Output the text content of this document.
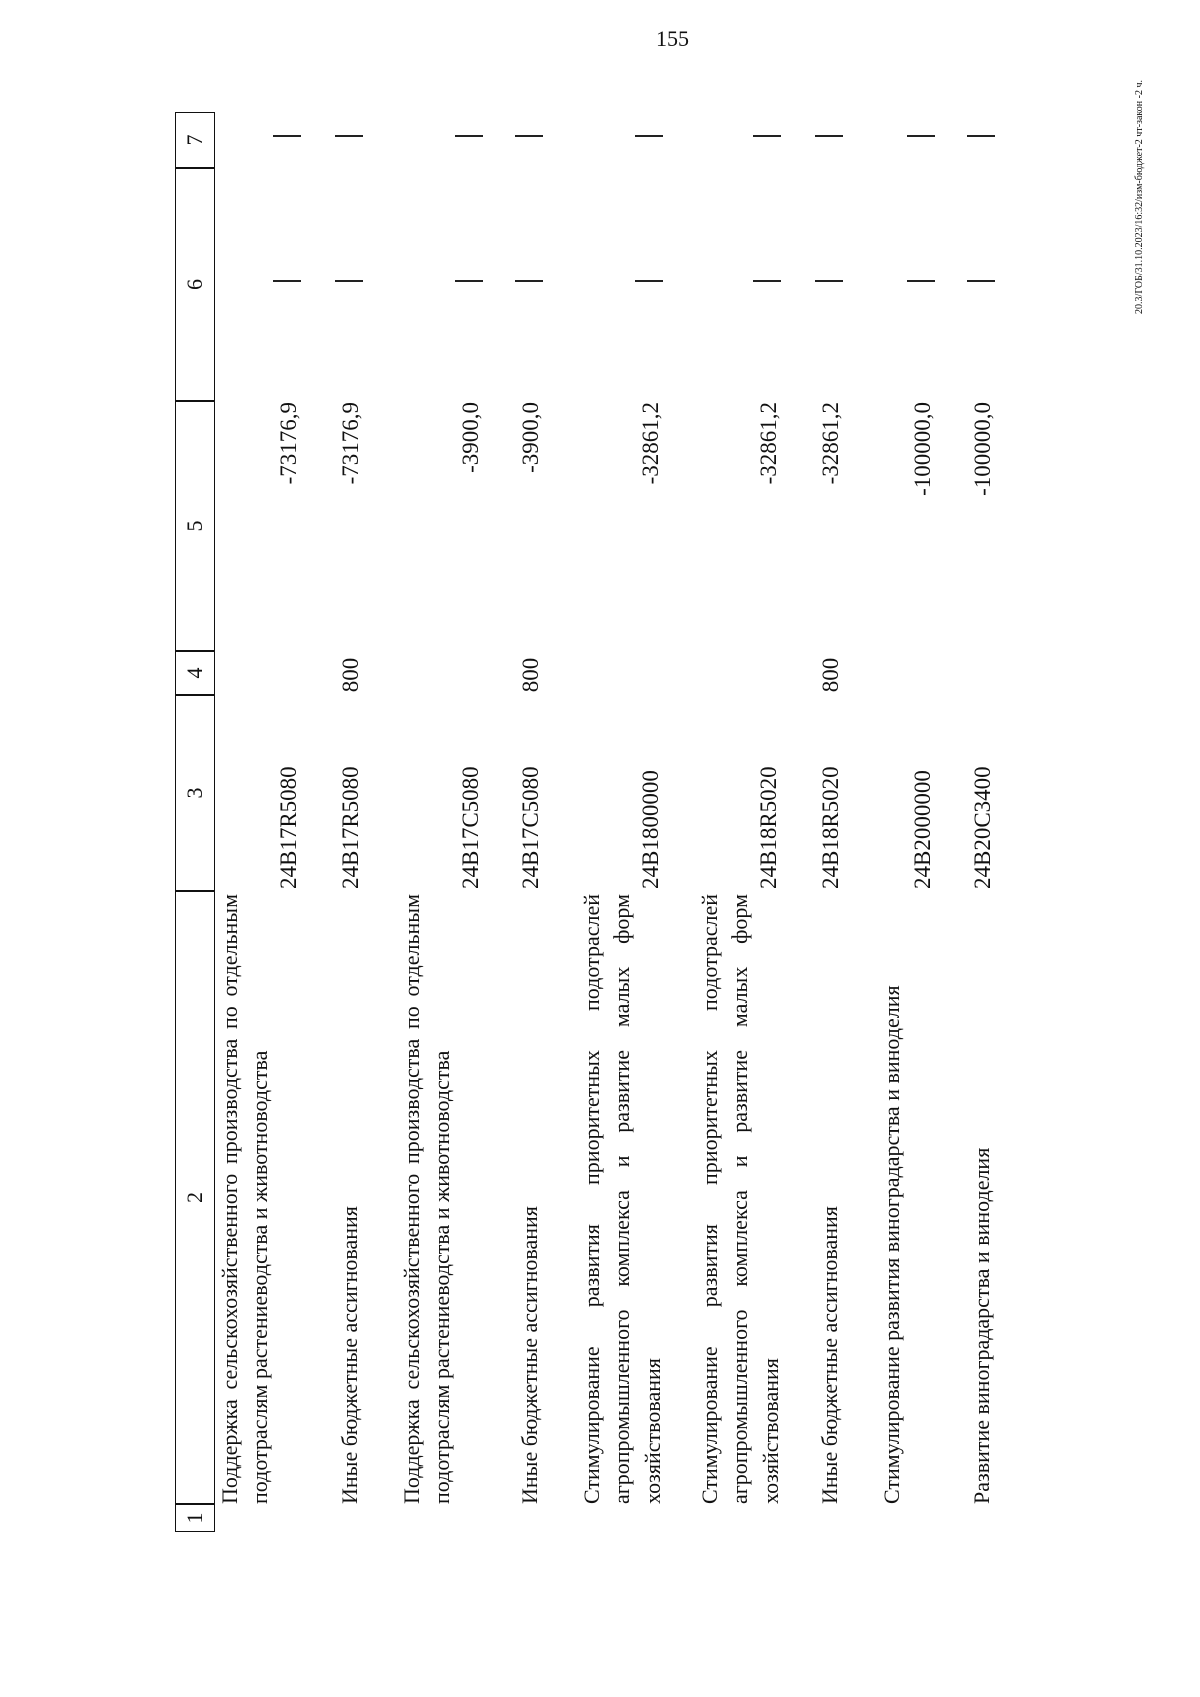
155
20.3/ГОБ/31.10.2023/16:32/изм-бюджет-2 чт-закон -2 ч.
1
2
3
4
5
6
7
Поддержка сельскохозяйственного производства по отдельным подотраслям растениеводства и животноводства
24В17R5080
-73176,9
Иные бюджетные ассигнования
24В17R5080
800
-73176,9
Поддержка сельскохозяйственного производства по отдельным подотраслям растениеводства и животноводства
24В17С5080
-3900,0
Иные бюджетные ассигнования
24В17С5080
800
-3900,0
Стимулирование развития приоритетных подотраслей агропромышленного комплекса и развитие малых форм хозяйствования
24В1800000
-32861,2
Стимулирование развития приоритетных подотраслей агропромышленного комплекса и развитие малых форм хозяйствования
24В18R5020
-32861,2
Иные бюджетные ассигнования
24В18R5020
800
-32861,2
Стимулирование развития виноградарства и виноделия
24В2000000
-100000,0
Развитие виноградарства и виноделия
24В20С3400
-100000,0
